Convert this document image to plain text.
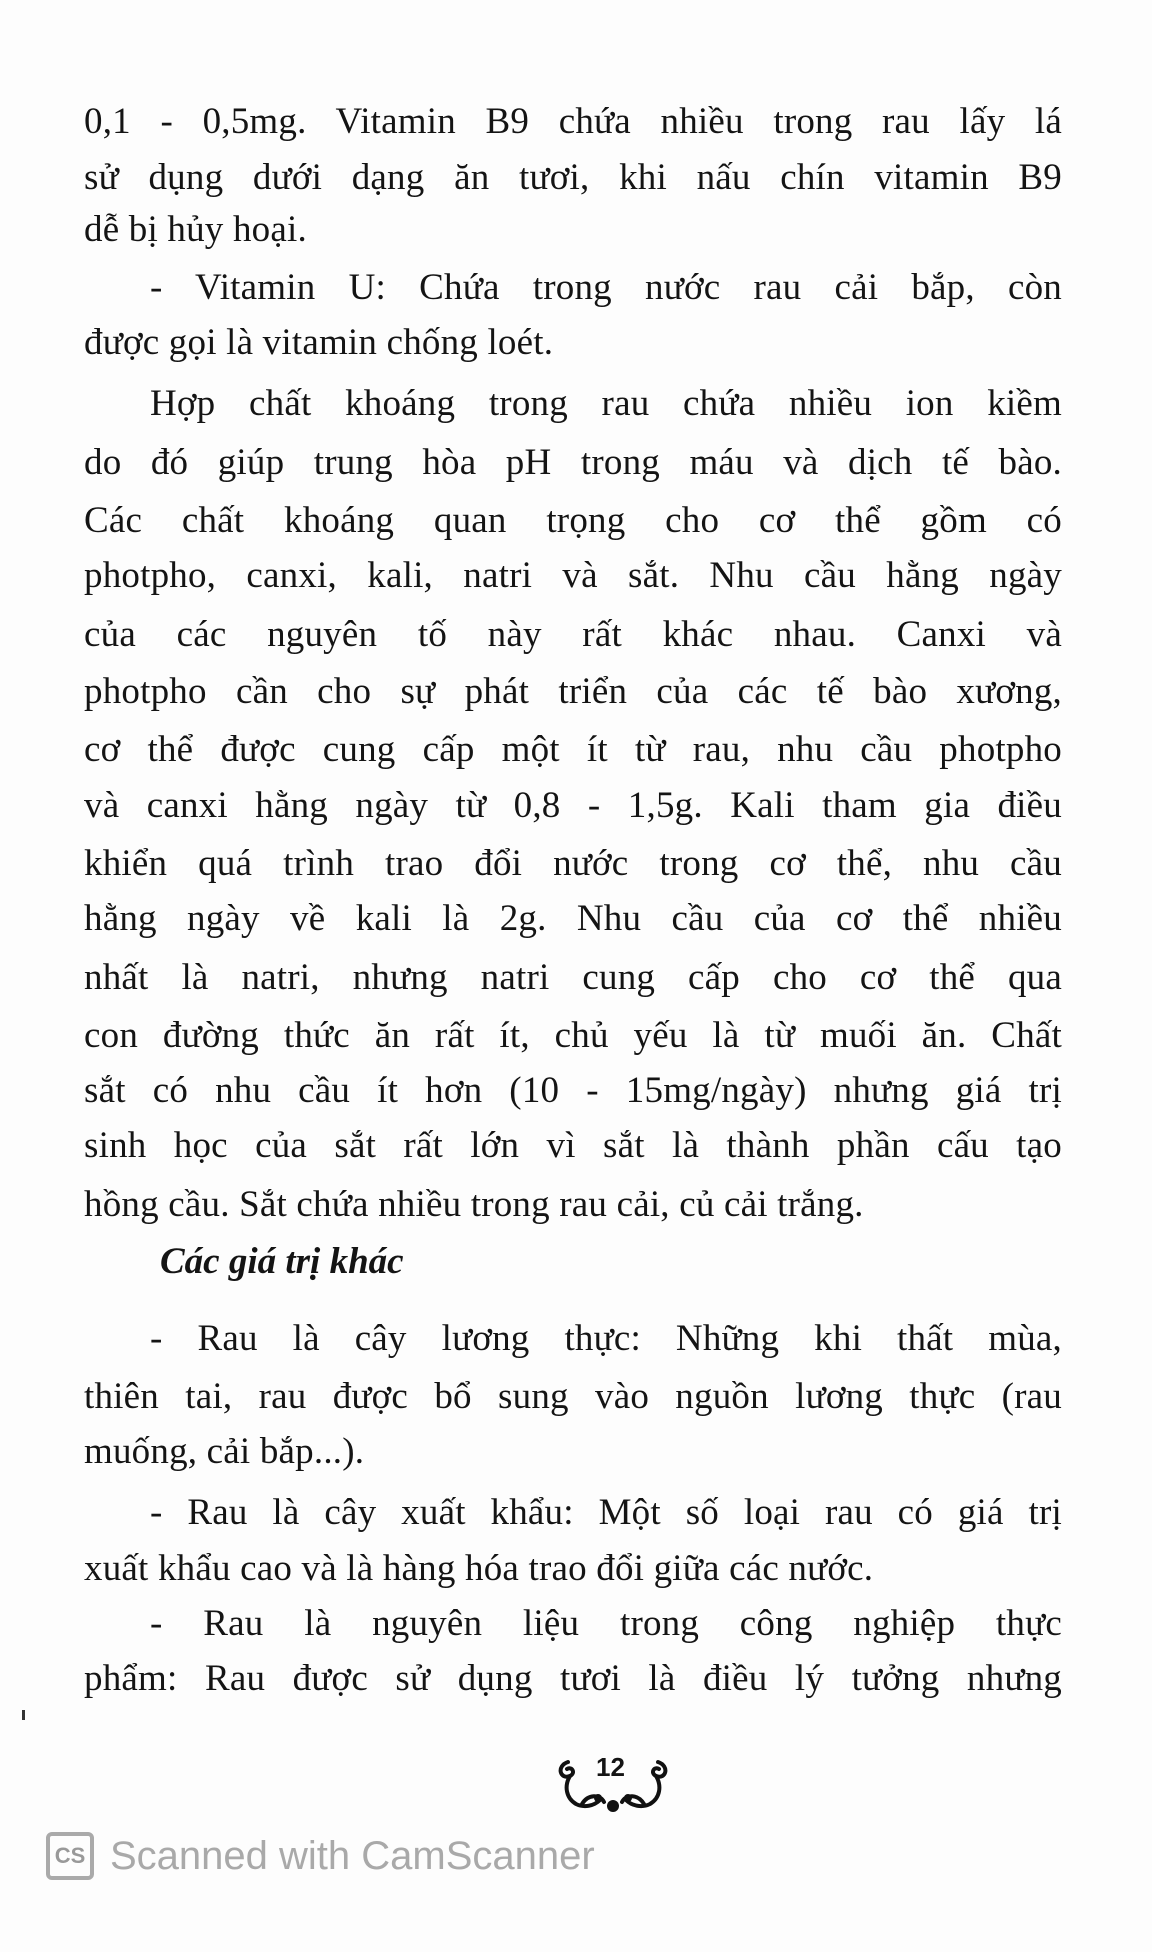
0,1 - 0,5mg. Vitamin B9 chứa nhiều trong rau lấy lá
sử dụng dưới dạng ăn tươi, khi nấu chín vitamin B9
dễ bị hủy hoại.
- Vitamin U: Chứa trong nước rau cải bắp, còn
được gọi là vitamin chống loét.
Hợp chất khoáng trong rau chứa nhiều ion kiềm
do đó giúp trung hòa pH trong máu và dịch tế bào.
Các chất khoáng quan trọng cho cơ thể gồm có
photpho, canxi, kali, natri và sắt. Nhu cầu hằng ngày
của các nguyên tố này rất khác nhau. Canxi và
photpho cần cho sự phát triển của các tế bào xương,
cơ thể được cung cấp một ít từ rau, nhu cầu photpho
và canxi hằng ngày từ 0,8 - 1,5g. Kali tham gia điều
khiển quá trình trao đổi nước trong cơ thể, nhu cầu
hằng ngày về kali là 2g. Nhu cầu của cơ thể nhiều
nhất là natri, nhưng natri cung cấp cho cơ thể qua
con đường thức ăn rất ít, chủ yếu là từ muối ăn. Chất
sắt có nhu cầu ít hơn (10 - 15mg/ngày) nhưng giá trị
sinh học của sắt rất lớn vì sắt là thành phần cấu tạo
hồng cầu. Sắt chứa nhiều trong rau cải, củ cải trắng.
- Rau là cây lương thực: Những khi thất mùa,
thiên tai, rau được bổ sung vào nguồn lương thực (rau
muống, cải bắp...).
- Rau là cây xuất khẩu: Một số loại rau có giá trị
xuất khẩu cao và là hàng hóa trao đổi giữa các nước.
- Rau là nguyên liệu trong công nghiệp thực
phẩm: Rau được sử dụng tươi là điều lý tưởng nhưng
Các giá trị khác
12
CS Scanned with CamScanner
